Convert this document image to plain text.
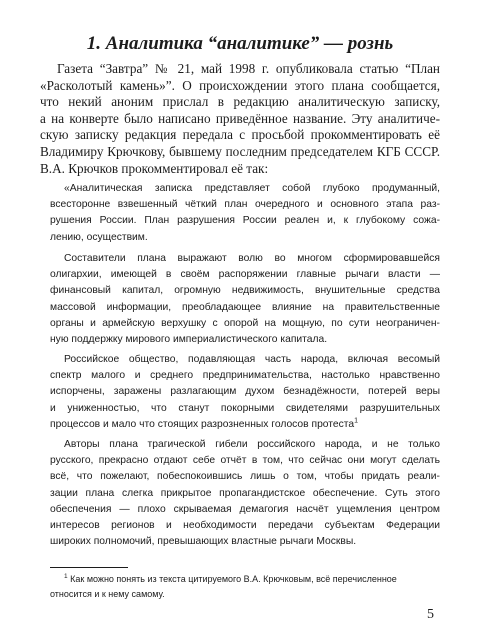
1. Аналитика “аналитике” — рознь

Газета “Завтра” № 21, май 1998 г. опубликовала статью “План
«Расколотый камень»”. О происхождении этого плана сообщается,
что некий аноним прислал в редакцию аналитическую записку,
а на конверте было написано приведённое название. Эту аналитиче-
скую записку редакция передала с просьбой прокомментировать её
Владимиру Крючкову, бывшему последним председателем КГБ СССР.
В.А. Крючков прокомментировал её так:

«Аналитическая записка представляет собой глубоко продуманный,
всесторонне взвешенный чёткий план очередного и основного этапа раз-
рушения России. План разрушения России реален и, к глубокому сожа-
лению, осуществим.

Составители плана выражают волю во многом сформировавшейся
олигархии, имеющей в своём распоряжении главные рычаги власти —
финансовый капитал, огромную недвижимость, внушительные средства
массовой информации, преобладающее влияние на правительственные
органы и армейскую верхушку с опорой на мощную, по сути неограничен-
ную поддержку мирового империалистического капитала.

Российское общество, подавляющая часть народа, включая весомый
спектр малого и среднего предпринимательства, настолько нравственно
испорчены, заражены разлагающим духом безнадёжности, потерей веры
и униженностью, что станут покорными свидетелями разрушительных
процессов и мало что стоящих разрозненных голосов протеста$^1$

Авторы плана трагической гибели российского народа, и не только
русского, прекрасно отдают себе отчёт в том, что сейчас они могут сделать
всё, что пожелают, побеспокоившись лишь о том, чтобы придать реали-
зации плана слегка прикрытое пропагандистское обеспечение. Суть этого
обеспечения — плохо скрываемая демагогия насчёт ущемления центром
интересов регионов и необходимости передачи субъектам Федерации
широких полномочий, превышающих властные рычаги Москвы.

$^1$ Как можно понять из текста цитируемого В.А. Крючковым, всё перечисленное
относится и к нему самому.

5
